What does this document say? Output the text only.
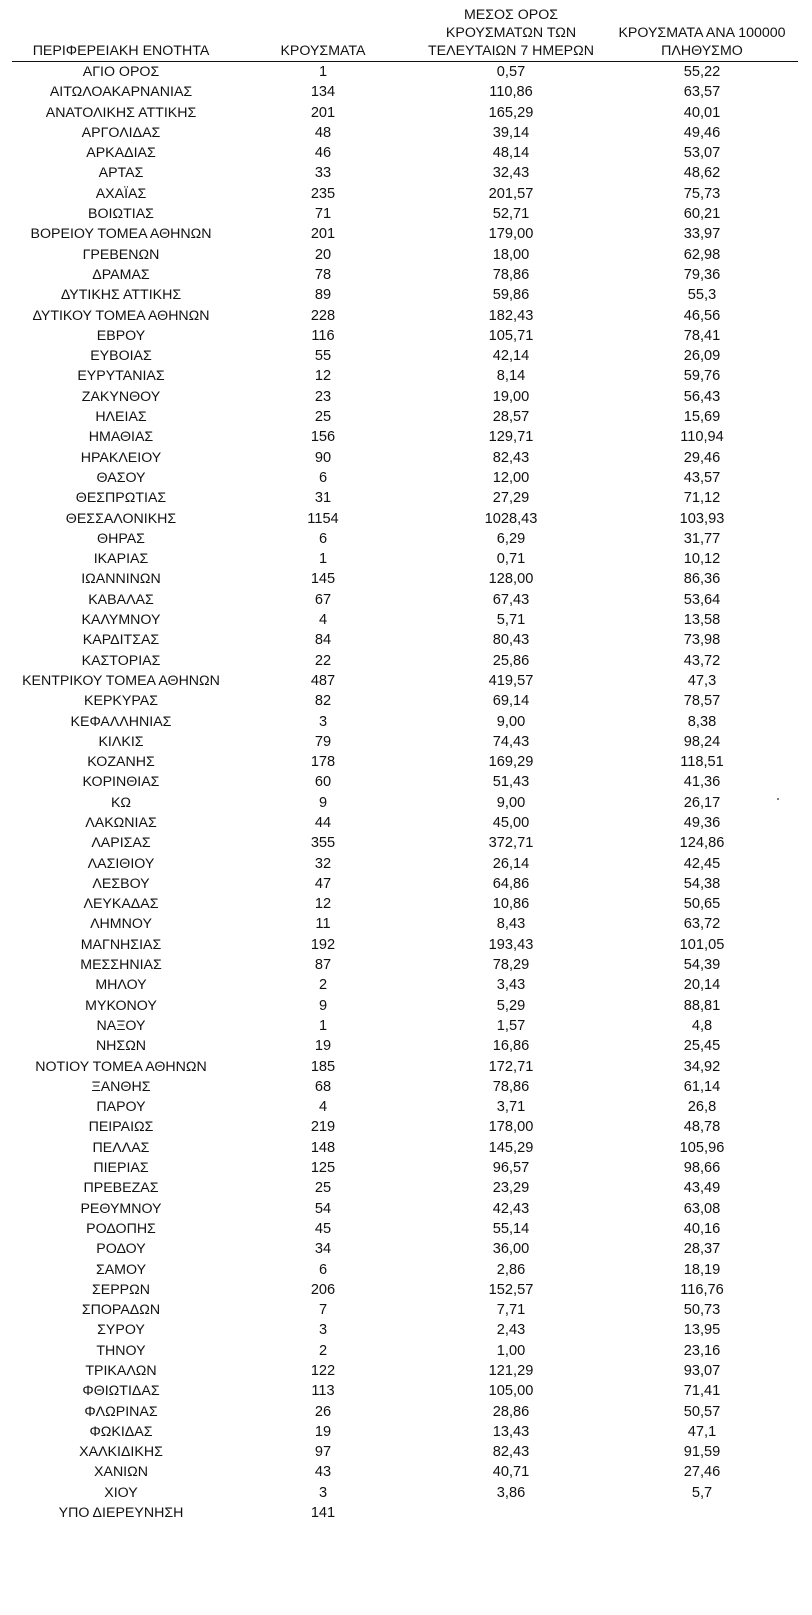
ΠΕΡΙΦΕΡΕΙΑΚΗ ΕΝΟΤΗΤΑ	ΚΡΟΥΣΜΑΤΑ	ΜΕΣΟΣ ΟΡΟΣ
ΚΡΟΥΣΜΑΤΩΝ ΤΩΝ
ΤΕΛΕΥΤΑΙΩΝ 7 ΗΜΕΡΩΝ	ΚΡΟΥΣΜΑΤΑ ΑΝΑ 100000
ΠΛΗΘΥΣΜΟ
ΑΓΙΟ ΟΡΟΣ	1	0,57	55,22
ΑΙΤΩΛΟΑΚΑΡΝΑΝΙΑΣ	134	110,86	63,57
ΑΝΑΤΟΛΙΚΗΣ ΑΤΤΙΚΗΣ	201	165,29	40,01
ΑΡΓΟΛΙΔΑΣ	48	39,14	49,46
ΑΡΚΑΔΙΑΣ	46	48,14	53,07
ΑΡΤΑΣ	33	32,43	48,62
ΑΧΑΪΑΣ	235	201,57	75,73
ΒΟΙΩΤΙΑΣ	71	52,71	60,21
ΒΟΡΕΙΟΥ ΤΟΜΕΑ ΑΘΗΝΩΝ	201	179,00	33,97
ΓΡΕΒΕΝΩΝ	20	18,00	62,98
ΔΡΑΜΑΣ	78	78,86	79,36
ΔΥΤΙΚΗΣ ΑΤΤΙΚΗΣ	89	59,86	55,3
ΔΥΤΙΚΟΥ ΤΟΜΕΑ ΑΘΗΝΩΝ	228	182,43	46,56
ΕΒΡΟΥ	116	105,71	78,41
ΕΥΒΟΙΑΣ	55	42,14	26,09
ΕΥΡΥΤΑΝΙΑΣ	12	8,14	59,76
ΖΑΚΥΝΘΟΥ	23	19,00	56,43
ΗΛΕΙΑΣ	25	28,57	15,69
ΗΜΑΘΙΑΣ	156	129,71	110,94
ΗΡΑΚΛΕΙΟΥ	90	82,43	29,46
ΘΑΣΟΥ	6	12,00	43,57
ΘΕΣΠΡΩΤΙΑΣ	31	27,29	71,12
ΘΕΣΣΑΛΟΝΙΚΗΣ	1154	1028,43	103,93
ΘΗΡΑΣ	6	6,29	31,77
ΙΚΑΡΙΑΣ	1	0,71	10,12
ΙΩΑΝΝΙΝΩΝ	145	128,00	86,36
ΚΑΒΑΛΑΣ	67	67,43	53,64
ΚΑΛΥΜΝΟΥ	4	5,71	13,58
ΚΑΡΔΙΤΣΑΣ	84	80,43	73,98
ΚΑΣΤΟΡΙΑΣ	22	25,86	43,72
ΚΕΝΤΡΙΚΟΥ ΤΟΜΕΑ ΑΘΗΝΩΝ	487	419,57	47,3
ΚΕΡΚΥΡΑΣ	82	69,14	78,57
ΚΕΦΑΛΛΗΝΙΑΣ	3	9,00	8,38
ΚΙΛΚΙΣ	79	74,43	98,24
ΚΟΖΑΝΗΣ	178	169,29	118,51
ΚΟΡΙΝΘΙΑΣ	60	51,43	41,36
ΚΩ	9	9,00	26,17
ΛΑΚΩΝΙΑΣ	44	45,00	49,36
ΛΑΡΙΣΑΣ	355	372,71	124,86
ΛΑΣΙΘΙΟΥ	32	26,14	42,45
ΛΕΣΒΟΥ	47	64,86	54,38
ΛΕΥΚΑΔΑΣ	12	10,86	50,65
ΛΗΜΝΟΥ	11	8,43	63,72
ΜΑΓΝΗΣΙΑΣ	192	193,43	101,05
ΜΕΣΣΗΝΙΑΣ	87	78,29	54,39
ΜΗΛΟΥ	2	3,43	20,14
ΜΥΚΟΝΟΥ	9	5,29	88,81
ΝΑΞΟΥ	1	1,57	4,8
ΝΗΣΩΝ	19	16,86	25,45
ΝΟΤΙΟΥ ΤΟΜΕΑ ΑΘΗΝΩΝ	185	172,71	34,92
ΞΑΝΘΗΣ	68	78,86	61,14
ΠΑΡΟΥ	4	3,71	26,8
ΠΕΙΡΑΙΩΣ	219	178,00	48,78
ΠΕΛΛΑΣ	148	145,29	105,96
ΠΙΕΡΙΑΣ	125	96,57	98,66
ΠΡΕΒΕΖΑΣ	25	23,29	43,49
ΡΕΘΥΜΝΟΥ	54	42,43	63,08
ΡΟΔΟΠΗΣ	45	55,14	40,16
ΡΟΔΟΥ	34	36,00	28,37
ΣΑΜΟΥ	6	2,86	18,19
ΣΕΡΡΩΝ	206	152,57	116,76
ΣΠΟΡΑΔΩΝ	7	7,71	50,73
ΣΥΡΟΥ	3	2,43	13,95
ΤΗΝΟΥ	2	1,00	23,16
ΤΡΙΚΑΛΩΝ	122	121,29	93,07
ΦΘΙΩΤΙΔΑΣ	113	105,00	71,41
ΦΛΩΡΙΝΑΣ	26	28,86	50,57
ΦΩΚΙΔΑΣ	19	13,43	47,1
ΧΑΛΚΙΔΙΚΗΣ	97	82,43	91,59
ΧΑΝΙΩΝ	43	40,71	27,46
ΧΙΟΥ	3	3,86	5,7
ΥΠΟ ΔΙΕΡΕΥΝΗΣΗ	141		
